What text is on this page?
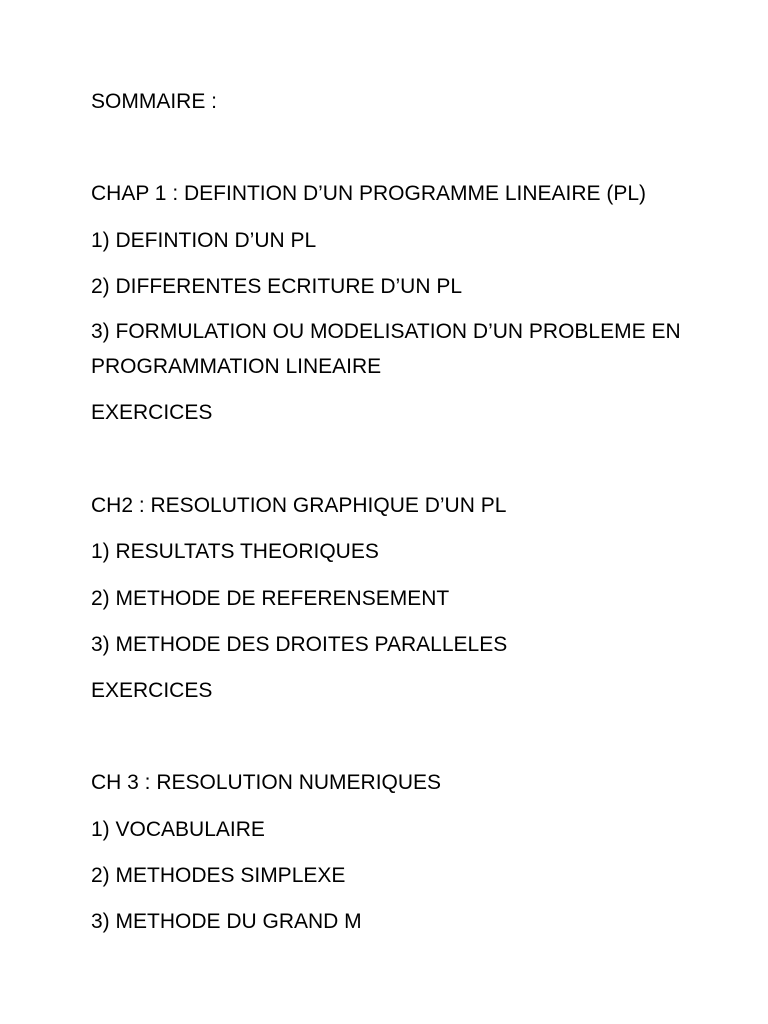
SOMMAIRE :

CHAP 1 : DEFINTION D’UN PROGRAMME LINEAIRE (PL)

1) DEFINTION D’UN PL

2) DIFFERENTES ECRITURE D’UN PL

3) FORMULATION OU MODELISATION D’UN PROBLEME EN PROGRAMMATION LINEAIRE

EXERCICES

CH2 : RESOLUTION GRAPHIQUE D’UN PL

1) RESULTATS THEORIQUES

2) METHODE DE REFERENSEMENT

3) METHODE DES DROITES PARALLELES

EXERCICES

CH 3 : RESOLUTION NUMERIQUES

1) VOCABULAIRE

2) METHODES SIMPLEXE

3) METHODE DU GRAND M
